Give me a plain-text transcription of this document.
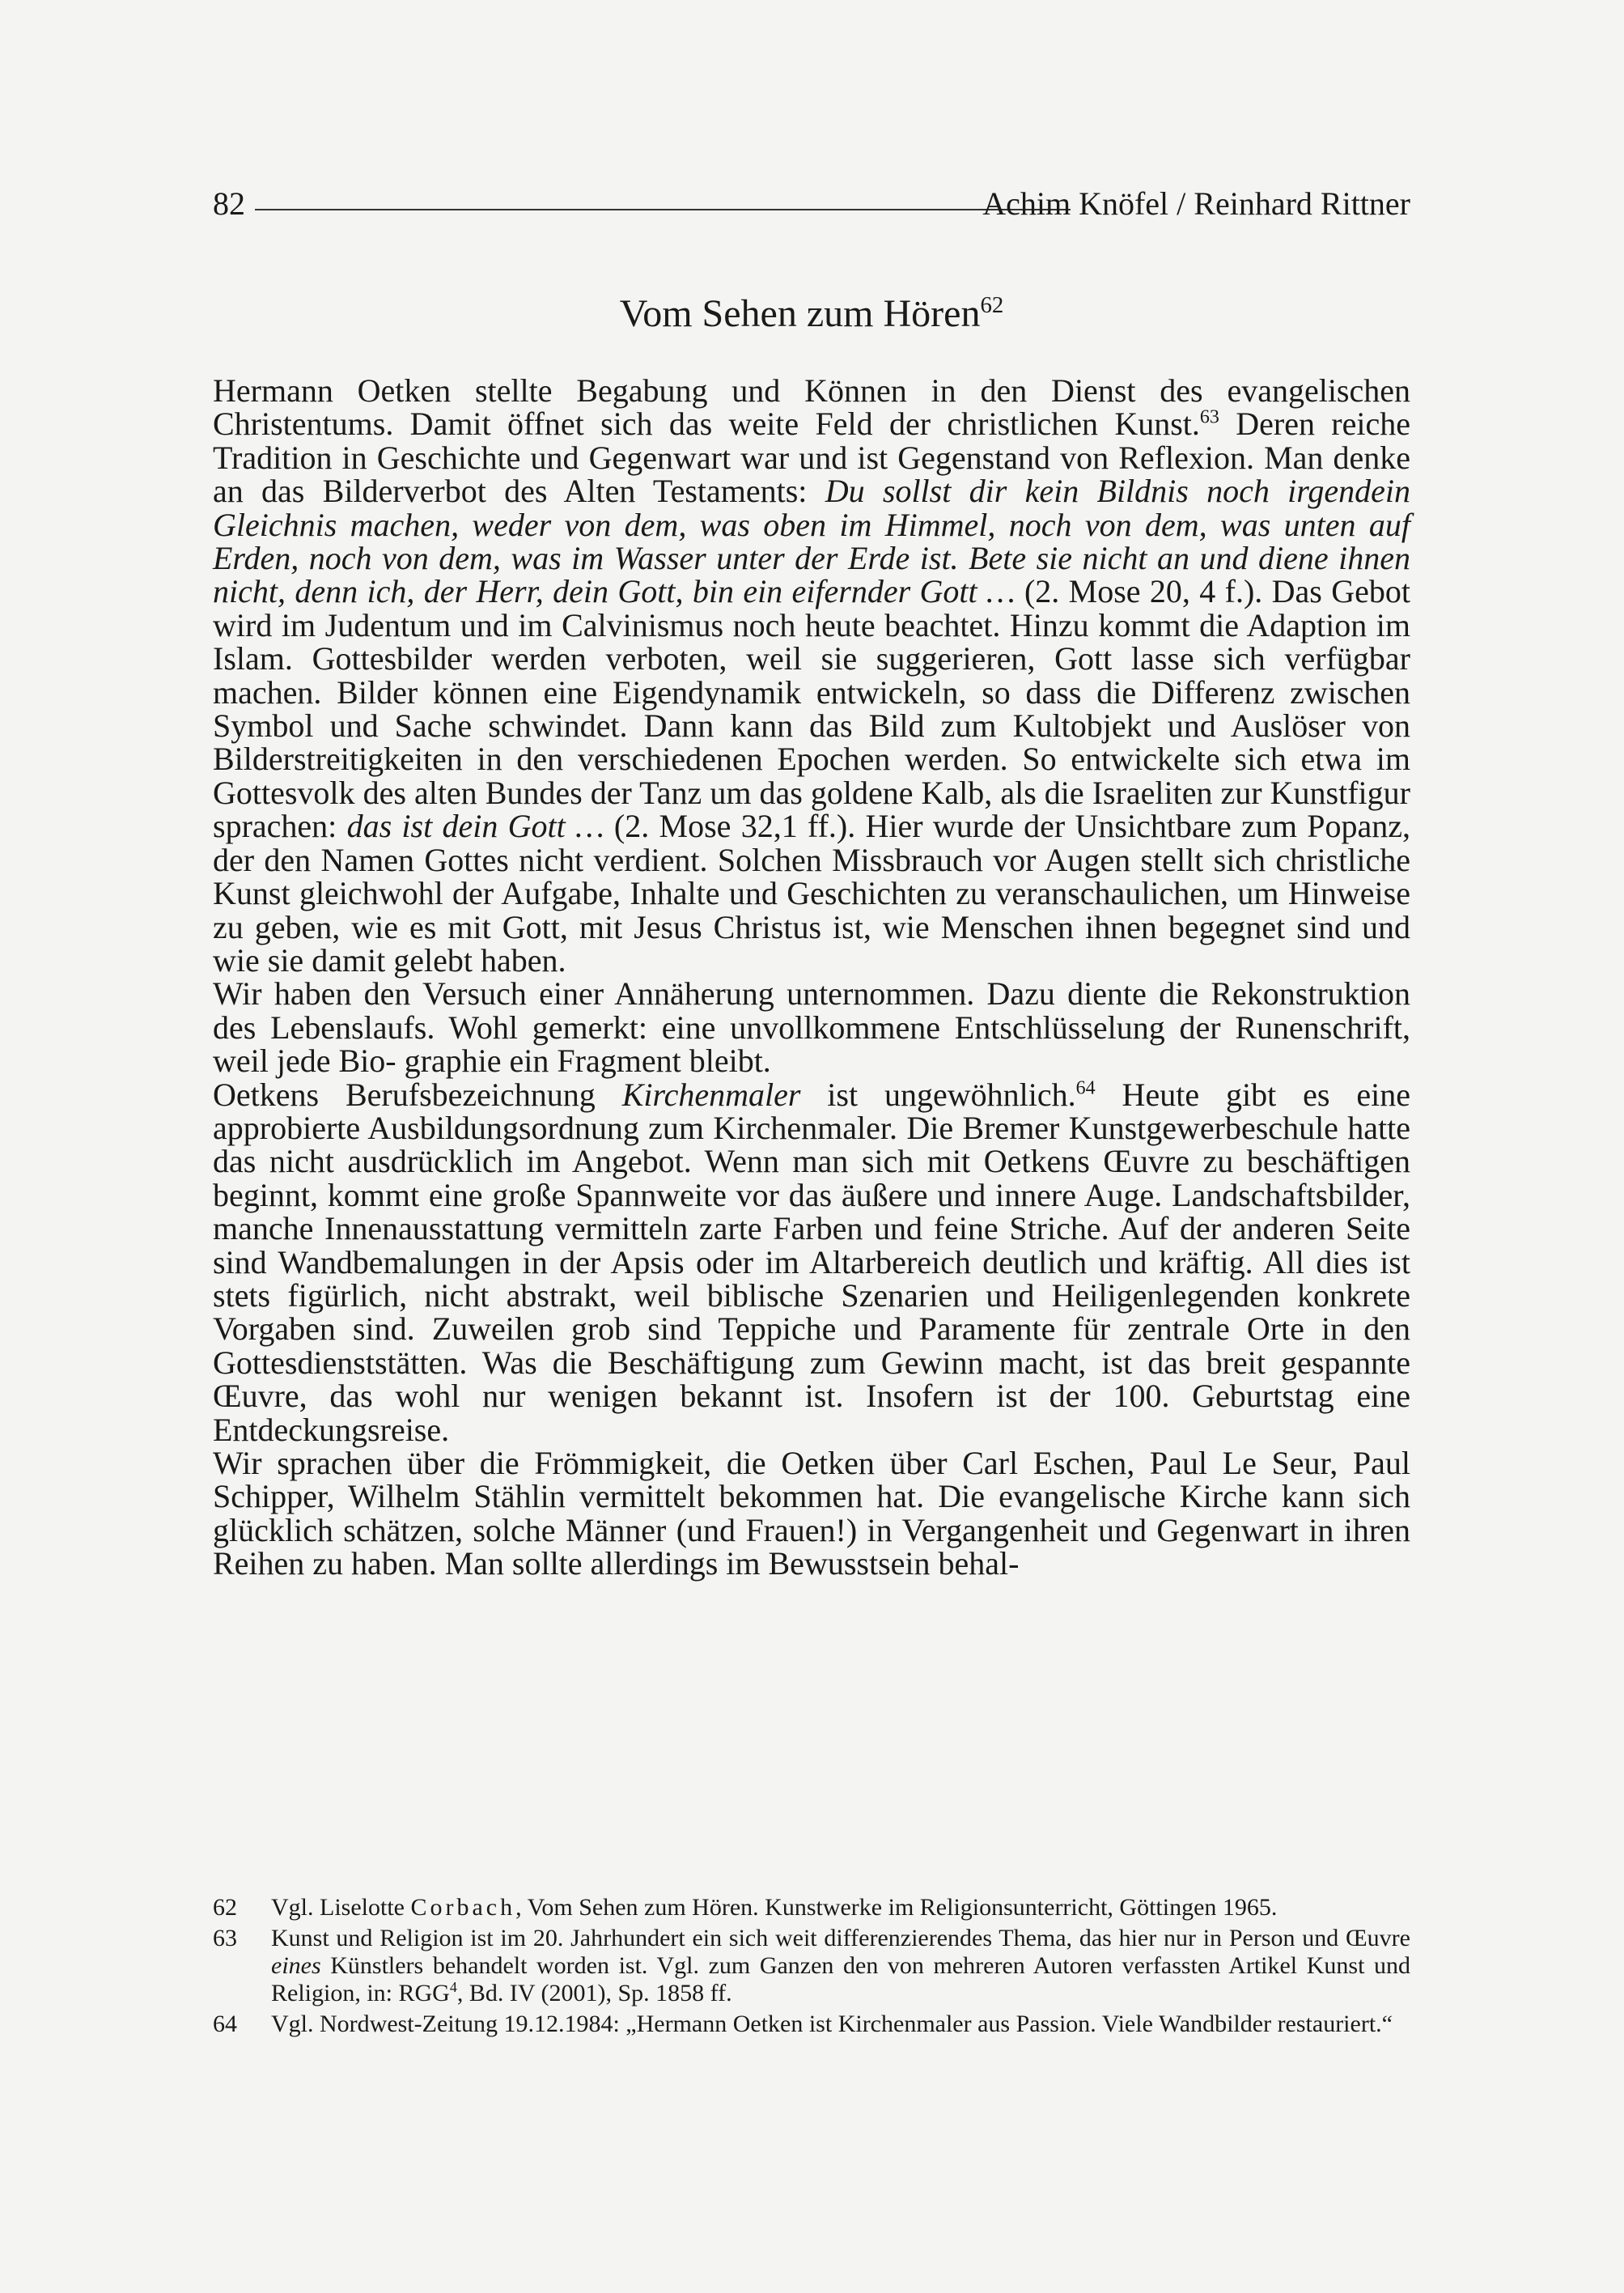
82	Achim Knöfel / Reinhard Rittner
Vom Sehen zum Hören$^{62}$

Hermann Oetken stellte Begabung und Können in den Dienst des evangelischen Christentums. Damit öffnet sich das weite Feld der christlichen Kunst.$^{63}$ Deren reiche Tradition in Geschichte und Gegenwart war und ist Gegenstand von Reflexion. Man denke an das Bilderverbot des Alten Testaments: Du sollst dir kein Bildnis noch irgendein Gleichnis machen, weder von dem, was oben im Himmel, noch von dem, was unten auf Erden, noch von dem, was im Wasser unter der Erde ist. Bete sie nicht an und diene ihnen nicht, denn ich, der Herr, dein Gott, bin ein eifernder Gott … (2. Mose 20, 4 f.). Das Gebot wird im Judentum und im Calvinismus noch heute beachtet. Hinzu kommt die Adaption im Islam. Gottesbilder werden verboten, weil sie suggerieren, Gott lasse sich verfügbar machen. Bilder können eine Eigendynamik entwickeln, so dass die Differenz zwischen Symbol und Sache schwindet. Dann kann das Bild zum Kultobjekt und Auslöser von Bilderstreitigkeiten in den verschiedenen Epochen werden. So entwickelte sich etwa im Gottesvolk des alten Bundes der Tanz um das goldene Kalb, als die Israeliten zur Kunstfigur sprachen: das ist dein Gott … (2. Mose 32,1 ff.). Hier wurde der Unsichtbare zum Popanz, der den Namen Gottes nicht verdient. Solchen Missbrauch vor Augen stellt sich christliche Kunst gleichwohl der Aufgabe, Inhalte und Geschichten zu veranschaulichen, um Hinweise zu geben, wie es mit Gott, mit Jesus Christus ist, wie Menschen ihnen begegnet sind und wie sie damit gelebt haben.

Wir haben den Versuch einer Annäherung unternommen. Dazu diente die Rekonstruktion des Lebenslaufs. Wohl gemerkt: eine unvollkommene Entschlüsselung der Runenschrift, weil jede Bio- graphie ein Fragment bleibt.

Oetkens Berufsbezeichnung Kirchenmaler ist ungewöhnlich.$^{64}$ Heute gibt es eine approbierte Ausbildungsordnung zum Kirchenmaler. Die Bremer Kunstgewerbeschule hatte das nicht ausdrücklich im Angebot. Wenn man sich mit Oetkens Œuvre zu beschäftigen beginnt, kommt eine große Spannweite vor das äußere und innere Auge. Landschaftsbilder, manche Innenausstattung vermitteln zarte Farben und feine Striche. Auf der anderen Seite sind Wandbemalungen in der Apsis oder im Altarbereich deutlich und kräftig. All dies ist stets figürlich, nicht abstrakt, weil biblische Szenarien und Heiligenlegenden konkrete Vorgaben sind. Zuweilen grob sind Teppiche und Paramente für zentrale Orte in den Gottesdienststätten. Was die Beschäftigung zum Gewinn macht, ist das breit gespannte Œuvre, das wohl nur wenigen bekannt ist. Insofern ist der 100. Geburtstag eine Entdeckungsreise.

Wir sprachen über die Frömmigkeit, die Oetken über Carl Eschen, Paul Le Seur, Paul Schipper, Wilhelm Stählin vermittelt bekommen hat. Die evangelische Kirche kann sich glücklich schätzen, solche Männer (und Frauen!) in Vergangenheit und Gegenwart in ihren Reihen zu haben. Man sollte allerdings im Bewusstsein behal-

62	Vgl. Liselotte Corbach, Vom Sehen zum Hören. Kunstwerke im Religionsunterricht, Göttingen 1965.
63	Kunst und Religion ist im 20. Jahrhundert ein sich weit differenzierendes Thema, das hier nur in Person und Œuvre eines Künstlers behandelt worden ist. Vgl. zum Ganzen den von mehreren Autoren verfassten Artikel Kunst und Religion, in: RGG$^4$, Bd. IV (2001), Sp. 1858 ff.
64	Vgl. Nordwest-Zeitung 19.12.1984: „Hermann Oetken ist Kirchenmaler aus Passion. Viele Wandbilder restauriert.“
